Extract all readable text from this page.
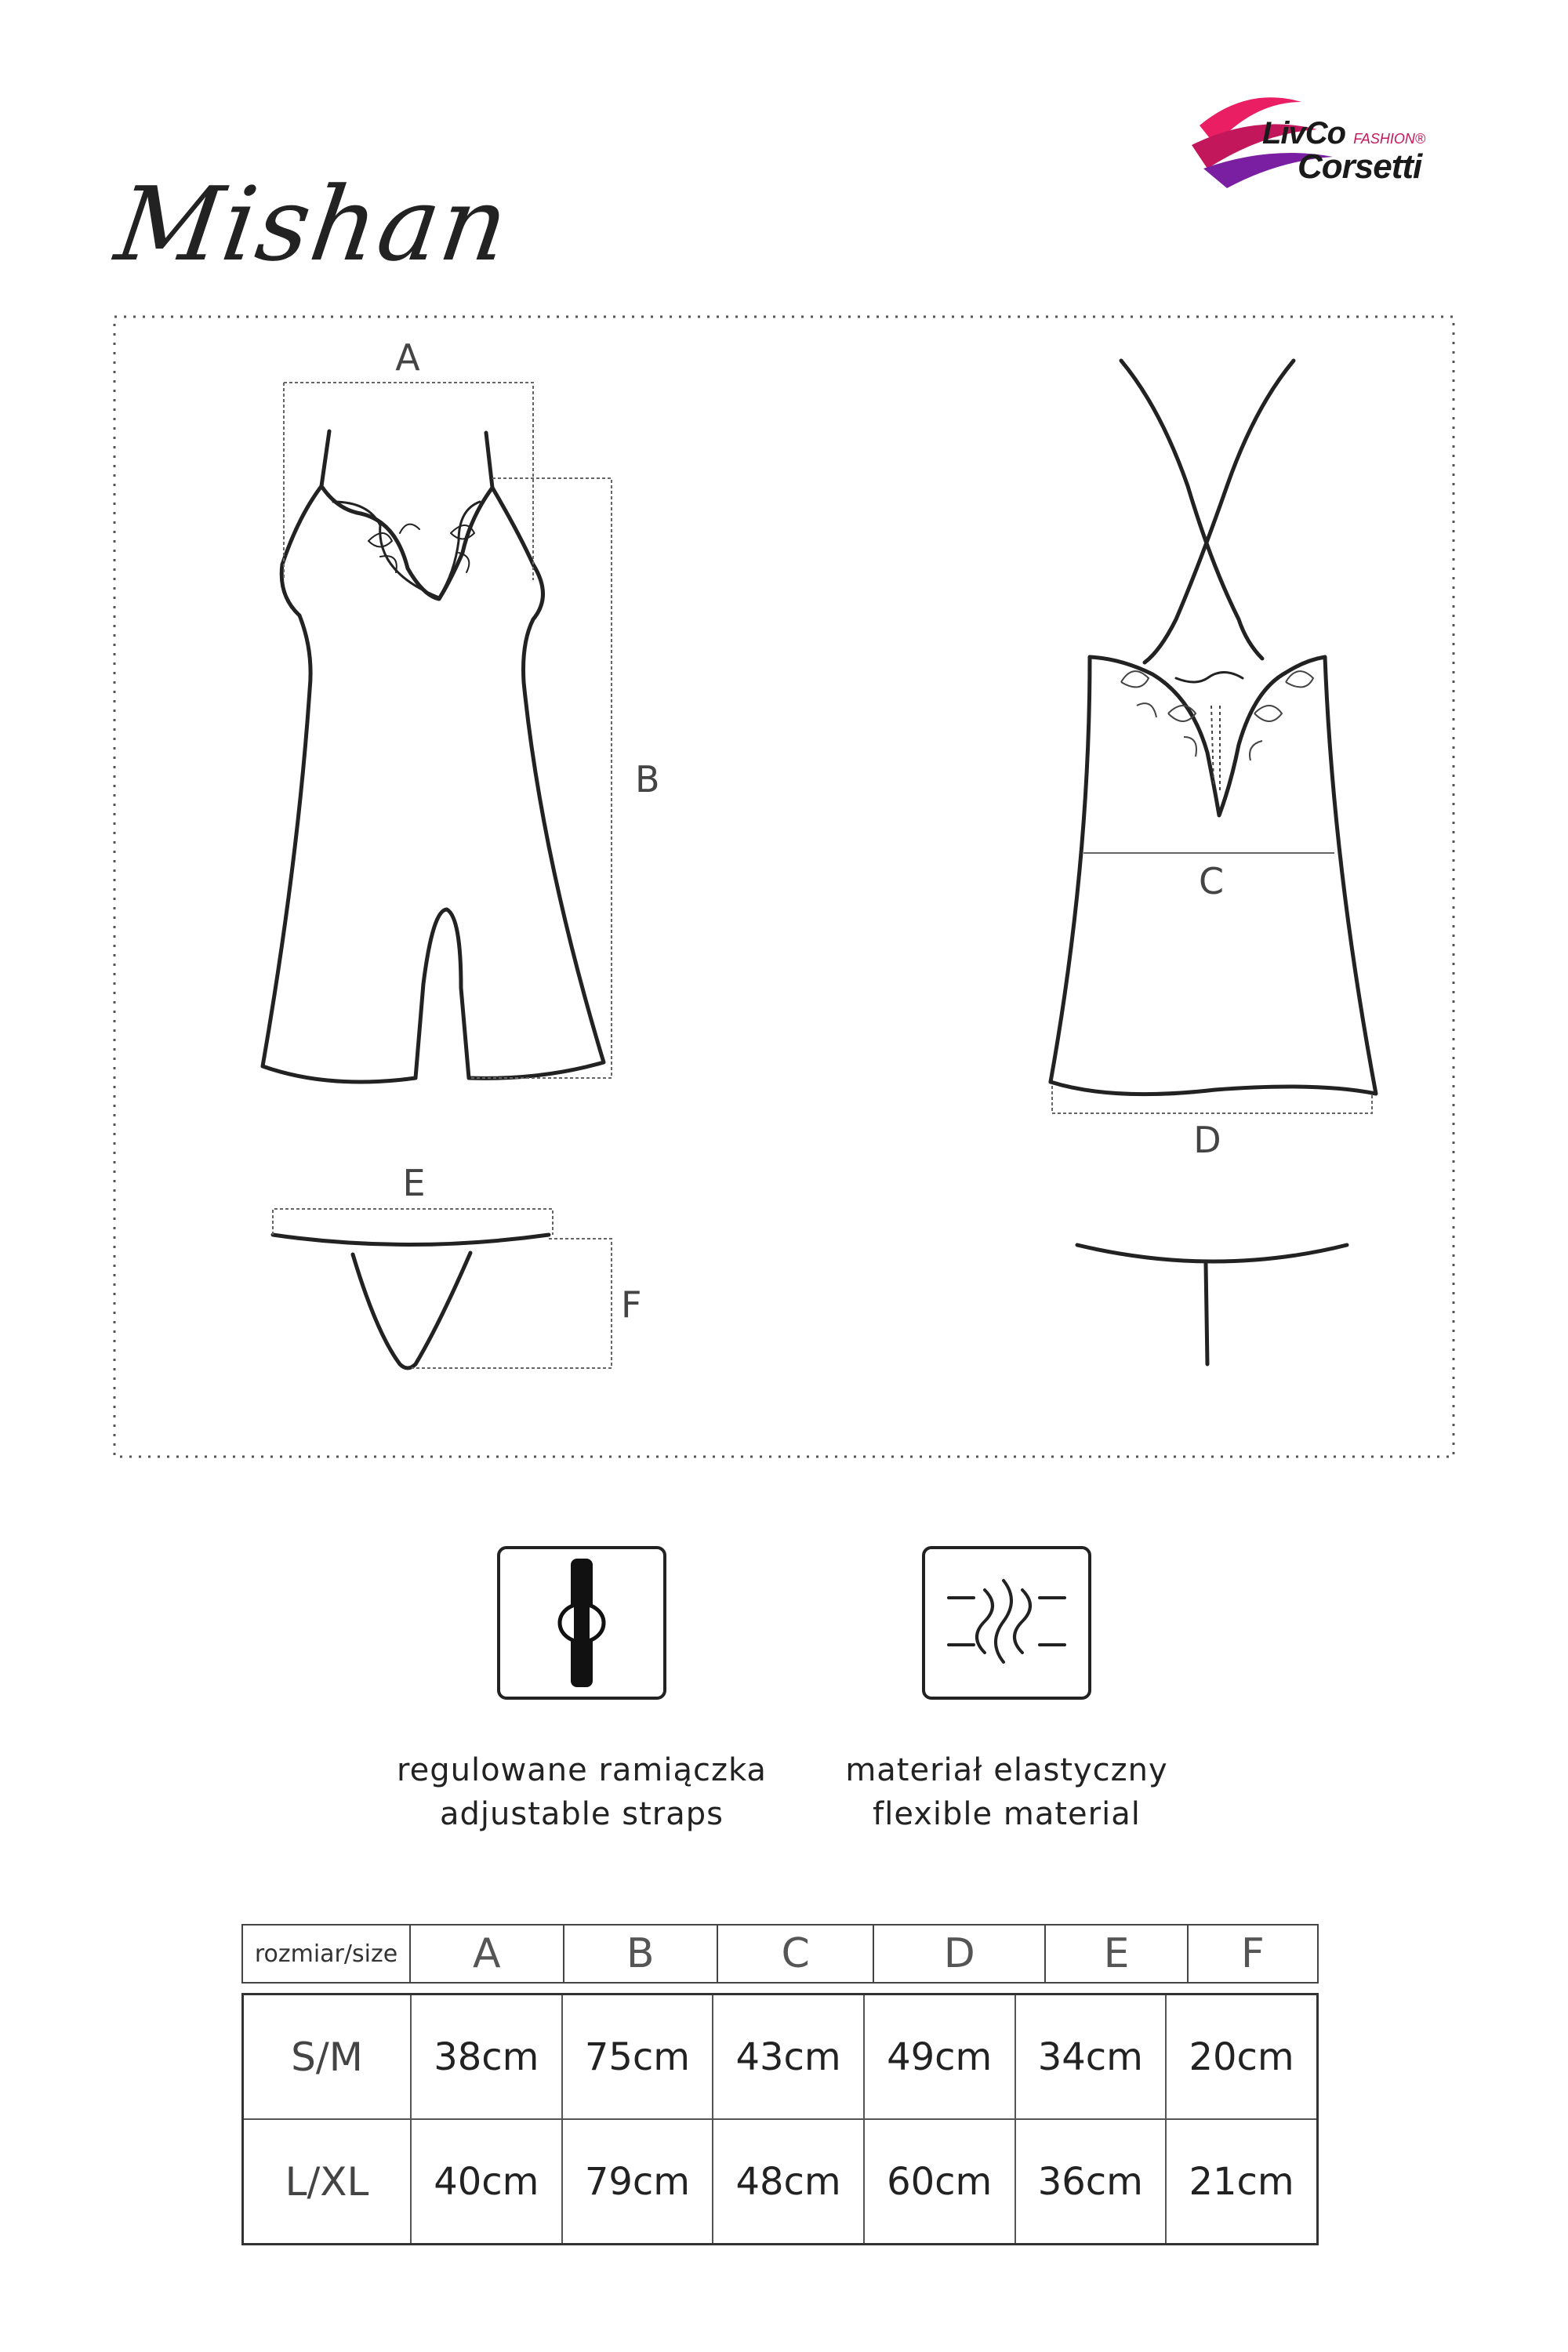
LivCo FASHION®
Corsetti
Mishan
A
B
C
D
E
F
regulowane ramiączka
adjustable straps
materiał elastyczny
flexible material
rozmiar/size	A	B	C	D	E	F
S/M	38cm	75cm	43cm	49cm	34cm	20cm
L/XL	40cm	79cm	48cm	60cm	36cm	21cm
